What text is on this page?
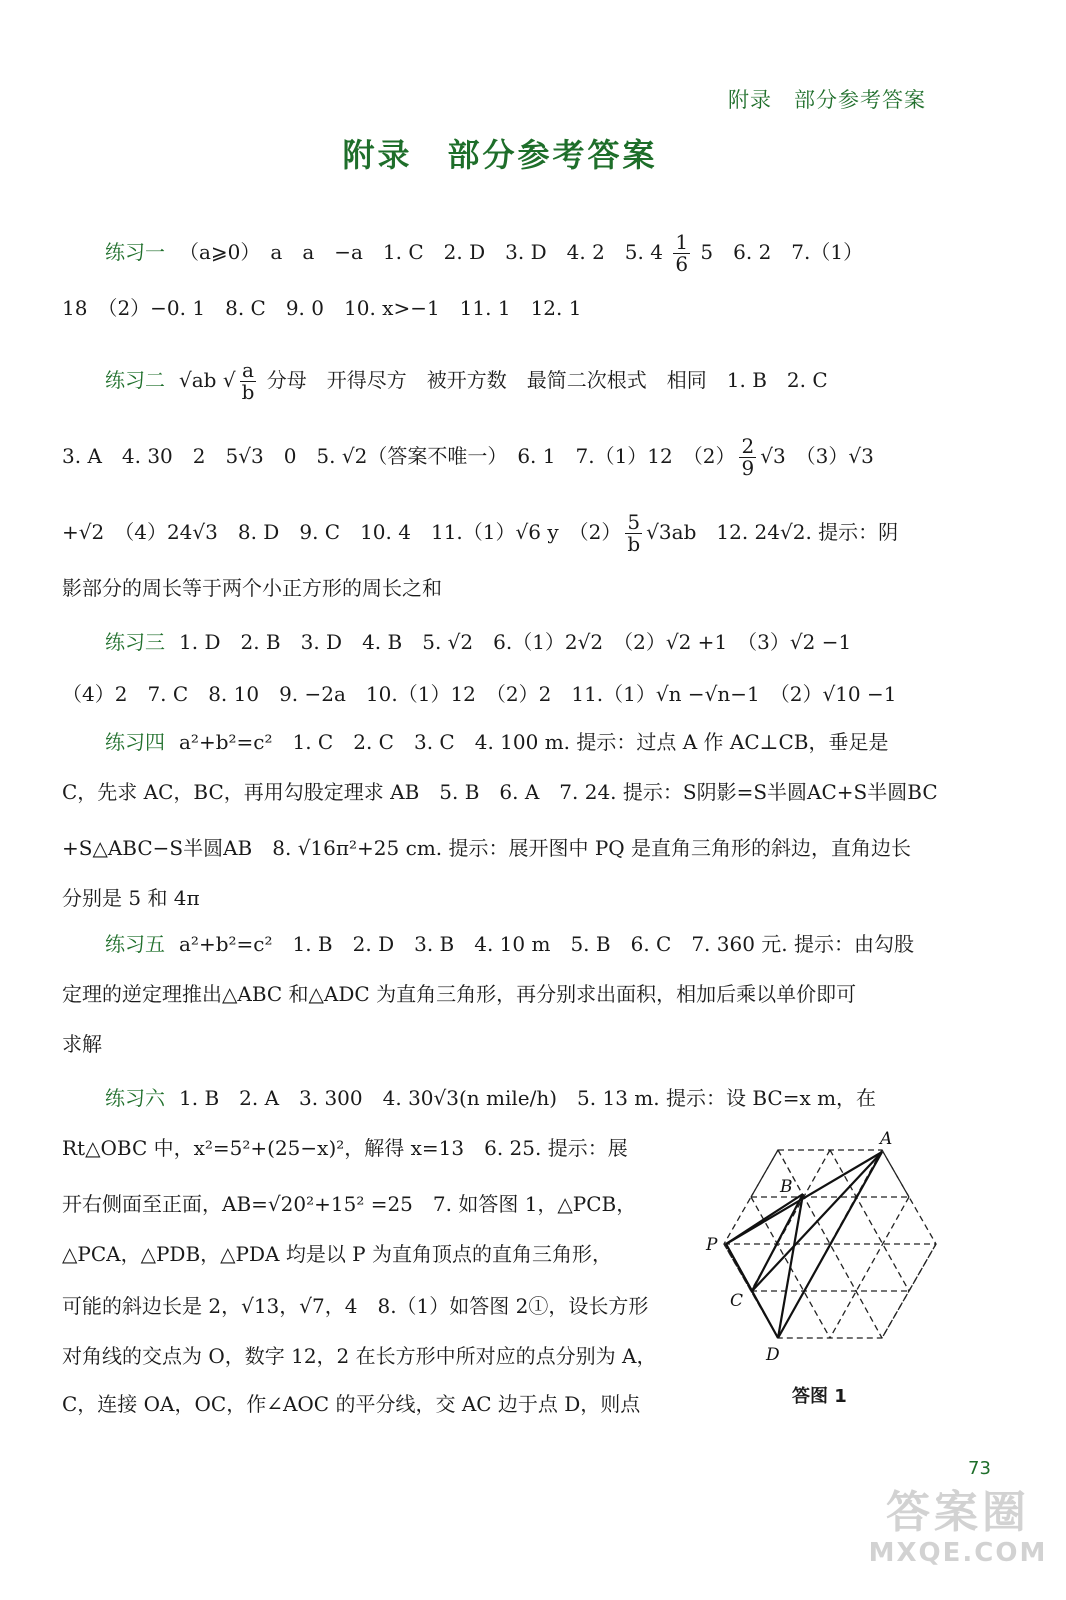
附录　部分参考答案
附录　部分参考答案
练习一 （a⩾0）　a　a　−a　1. C　2. D　3. D　4. 2　5. $4 \frac{1}{6} 5$　6. 2　7.（1）
18　（2）−0. 1　8. C　9. 0　10. x>−1　11. 1　12. 1
练习二 √ab √ $\frac{a}{b}$ 分母　开得尽方　被开方数　最简二次根式　相同　1. B　2. C
3. A　4. 30　2　5√3　0　5. √2（答案不唯一）　6. 1　7.（1）12　$(2) \frac{2}{9} √3$　（3）√3
+√2　（4）24√3　8. D　9. C　10. 4　11.（1）√6 y　$(2) \frac{5}{b} √3ab$　12. 24√2. 提示：阴
影部分的周长等于两个小正方形的周长之和
练习三 1. D　2. B　3. D　4. B　5. √2　6.（1）2√2　（2）√2 +1　（3）√2 −1
（4）2　7. C　8. 10　9. −2a　10.（1）12　（2）2　11.（1）√n −√n−1　（2）√10 −1
练习四 a²+b²=c²　1. C　2. C　3. C　4. 100 m. 提示：过点 A 作 AC⊥CB，垂足是
C，先求 AC，BC，再用勾股定理求 AB　5. B　6. A　7. 24. 提示：S阴影=S半圆AC+S半圆BC
+S△ABC−S半圆AB　8. √16π²+25 cm. 提示：展开图中 PQ 是直角三角形的斜边，直角边长
分别是 5 和 4π
练习五 a²+b²=c²　1. B　2. D　3. B　4. 10 m　5. B　6. C　7. 360 元. 提示：由勾股
定理的逆定理推出△ABC 和△ADC 为直角三角形，再分别求出面积，相加后乘以单价即可
求解
练习六 1. B　2. A　3. 300　4. 30√3(n mile/h)　5. 13 m. 提示：设 BC=x m，在
Rt△OBC 中，x²=5²+(25−x)²，解得 x=13　6. 25. 提示：展
开右侧面至正面，AB=√20²+15² =25　7. 如答图 1，△PCB，
△PCA，△PDB，△PDA 均是以 P 为直角顶点的直角三角形，
可能的斜边长是 2，√13，√7，4　8.（1）如答图 2①，设长方形
对角线的交点为 O，数字 12，2 在长方形中所对应的点分别为 A，
C，连接 OA，OC，作∠AOC 的平分线，交 AC 边于点 D，则点
A
B
P
C
D
答图 1
73
答案圈
MXQE.COM
